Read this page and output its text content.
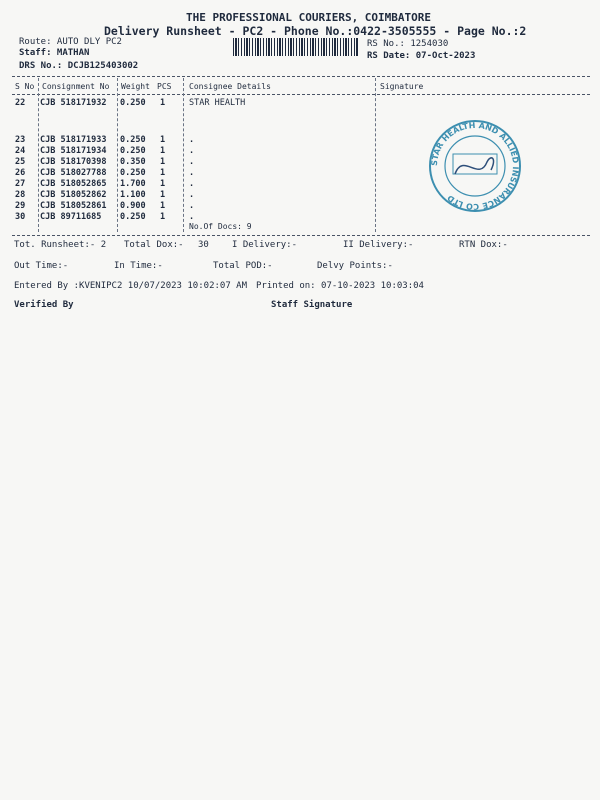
THE PROFESSIONAL COURIERS, COIMBATORE
Delivery Runsheet - PC2 - Phone No.:0422-3505555 - Page No.:2
Route: AUTO DLY PC2
Staff: MATHAN
DRS No.: DCJB125403002
RS No.: 1254030
RS Date: 07-Oct-2023
S No Consignment No Weight PCS Consignee Details	Signature
22 CJB 518171932 0.250 1	STAR HEALTH
23 CJB 518171933 0.250 1	.
24 CJB 518171934 0.250 1	.
25 CJB 518170398 0.350 1	.
26 CJB 518027788 0.250 1	.
27 CJB 518052865 1.700 1	.
28 CJB 518052862 1.100 1	.
29 CJB 518052861 0.900 1	.
30 CJB 89711685 0.250 1	.
No.Of Docs: 9
STAR HEALTH AND ALLIED INSURANCE CO LTD
Tot. Runsheet:- 2 Total Dox:- 30	I Delivery:-	II Delivery:-	RTN Dox:-
Out Time:-	In Time:-	Total POD:-	Delvy Points:-
Entered By :KVENIPC2 10/07/2023 10:02:07 AM Printed on: 07-10-2023 10:03:04
Verified By	Staff Signature
